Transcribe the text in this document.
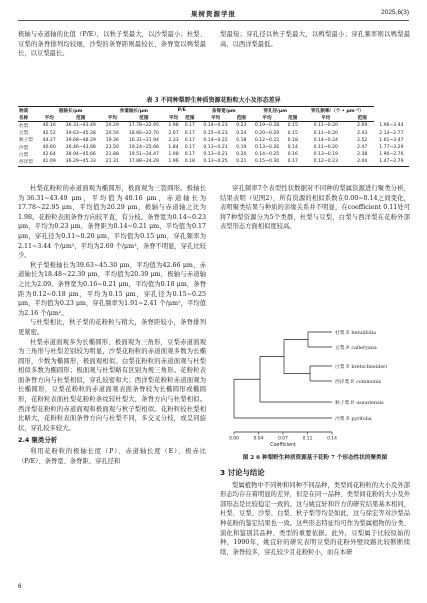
果树资源学报	2025,6(3)

极轴与赤道轴的比值（P/E），以秋子梨最大，以沙梨最小；杜梨、豆梨的条脊排列均较细，沙梨的条脊距则最较长，条脊宽以鸭梨最长，以豆梨最长。

梨最短；穿孔径以秋子梨最大，以鸭梨最小；穿孔频率则以鸭梨最高，以西洋梨最低。

表 3 不同种梨野生种质资源花粉粒大小及形态差异
种质	极轴长/μm		赤道轴长/μm		P/E		条脊宽/μm		穿孔径/μm		穿孔频率/（个 • μm⁻²）		
名称	平均	范围	平均	范围	平均	范围	平均	范围	平均	范围	平均	范围	
杜梨	40.16	36.31~43.49	20.29	17.78~22.95	1.98	0.17	0.14~0.23	0.23	0.19~0.28	0.15	0.11~0.20	2.69	1.96~3.44
豆梨	42.52	39.63~45.28	20.56	18.66~22.70	2.07	0.17	0.15~0.23	0.24	0.20~0.29	0.15	0.11~0.20	2.43	2.14~2.77
秋子梨	44.27	39.68~48.29	19.36	16.31~21.94	2.33	0.17	0.14~0.22	0.18	0.12~0.22	0.18	0.14~0.24	2.52	1.61~3.47
沙梨	40.60	36.46~43.68	23.50	19.24~25.66	1.84	0.17	0.13~0.21	0.19	0.13~0.26	0.14	0.11~0.20	2.47	1.77~3.29
白梨	42.64	38.94~45.66	21.88	19.51~24.47	1.98	0.17	0.13~0.21	0.20	0.14~0.25	0.16	0.13~0.19	2.38	1.90~2.76
西洋梨	41.09	36.29~45.33	21.31	17.88~24.29	1.96	0.18	0.13~0.25	0.21	0.15~0.30	0.17	0.12~0.23	2.04	1.47~2.79

杜梨花粉粒的赤道面观为椭圆形，极面观为三裂圆形。极轴长为36.31~43.49 μm，平均值为40.16 μm，赤道轴长为17.78~22.95 μm，平均值为20.29 μm，极轴与赤道轴之比为1.98。花粉粒表面条脊方向较平直，有分枝。条脊宽为0.14~0.23 μm，平均为0.23 μm，条脊距为0.14~0.21 μm，平均值为0.17 μm，穿孔径为0.11~0.20 μm，平均值为0.15 μm，穿孔频率为2.11~3.44 个/μm²，平均为2.69 个/μm²，条脊不明显，穿孔比较少。

秋子梨极轴长为39.63~45.30 μm，平均值为42.66 μm，赤道轴长为18.48~22.39 μm，平均值为20.39 μm，极轴与赤道轴之比为2.09。条脊宽为0.16~0.21 μm，平均值为0.18 μm，条脊距为0.12~0.18 μm，平均为0.15 μm，穿孔径为0.15~0.25 μm，平均值为0.23 μm，穿孔频率为1.91~2.41 个/μm²，平均值为2.16 个/μm²。

与杜梨相比，秋子梨的花粉粒与稍大，条脊距较小，条脊排列更紧密。

杜梨赤道面观多为长椭圆形，极面观为三角形，豆梨赤道面观为三角形与杜梨差别较为明显，沙梨花粉粒的赤道面观多数为长椭圆形，少数为椭圆形，极面观相似。白梨花粉粒的赤道面观与杜梨相似多数为椭圆形；极面观与杜梨略有区别为规三角形。花粉粒表面条脊方向与杜梨相似，穿孔较密和大；西洋梨花粉粒赤道面观为长椭圆形，豆梨花粉粒的赤道面观表面条脊较为长椭圆形或椭圆形，花粉粒表面杜梨花粉粒条纹较杜梨大，条脊方向与杜梨相似。西洋梨花粉粒的赤道面观和极面观与秋子梨相似。花粉粒较杜梨相比略大，花粉粒表面条脊方向与杜梨不同，多交叉分枝，或呈同旋状，穿孔较多较大。

2.4 聚类分析

利用花粉粒的极轴长度（P）、赤道轴长度（E）、极赤比（P/E）、条脊宽、条脊距、穿孔径和

穿孔频率7个表型性状数据对不同种的梨属资源进行聚类分析，结果表明（见图2），所有资源的相似系数在0.00~0.14之间变化，表明聚类结果与种质的亲缘关系并不明显，在coefficient 0.11处可将7种梨资源分为5个类群，杜梨与豆梨，白梨与西洋梨在花粉外部表型形态方面相似度较高。

杜梨 P. betulifolia
豆梨 P. calleryana
白梨 P. bretschneideri
西洋梨 P. communis
秋子梨 P. ussuriensis
沙梨 P. pyrifolia
0.00	0.04	0.07	0.11	0.14
Coefficient
图 2 6 种梨野生种质资源基于花粉 7 个形态性状的聚类图
3 讨论与结论

梨属植物中不同种和同种不同品种，类型间花粉粒的大小及外部形态均存在着明显的差异，但是在同一品种、类型间花粉的大小及外部形态是比较稳定一致的。这与姚宜轩和许方的研究结果基本相同，杜梨、豆梨、沙梨、白梨、秋子梨等均是如此，这与徐宏等对沙梨品种花粉的鉴定结果也一致。这些形态特征均可作为梨属植物的分类、演化和鉴别其品种、类型的重要依据。此外，豆梨属于比较原始的种，1990年，姚宜轩的研究表明豆梨的花粉外壁纹路比较断断续续，条脊较多，穿孔较少且花粉粒小，而在本研

6
